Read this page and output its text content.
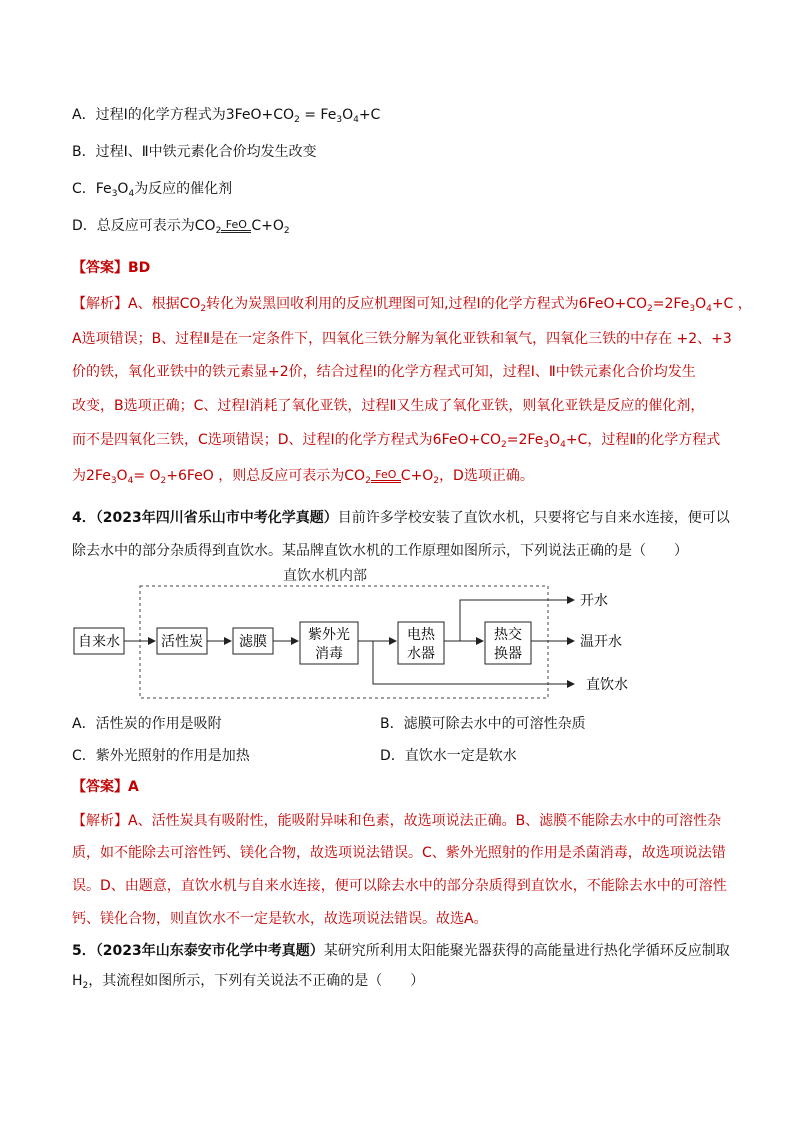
A．过程Ⅰ的化学方程式为$3FeO+CO_2 = Fe_3O_4+C$
B．过程Ⅰ、Ⅱ中铁元素化合价均发生改变
C．$Fe_3O_4$为反应的催化剂
D．总反应可表示为$CO_2$ FeO $C+O_2$
【答案】BD
【解析】A、根据$CO_2$转化为炭黑回收利用的反应机理图可知,过程Ⅰ的化学方程式为$6FeO+CO_2=2Fe_3O_4+C$ ，
A选项错误；B、过程Ⅱ是在一定条件下，四氧化三铁分解为氧化亚铁和氧气，四氧化三铁的中存在 +2、+3
价的铁，氧化亚铁中的铁元素显+2价，结合过程Ⅰ的化学方程式可知，过程Ⅰ、Ⅱ中铁元素化合价均发生
改变，B选项正确；C、过程Ⅰ消耗了氧化亚铁，过程Ⅱ又生成了氧化亚铁，则氧化亚铁是反应的催化剂，
而不是四氧化三铁，C选项错误；D、过程Ⅰ的化学方程式为$6FeO+CO_2=2Fe_3O_4+C$，过程Ⅱ的化学方程式
为$2Fe_3O_4= O_2+6FeO$ ，则总反应可表示为$CO_2$ FeO $C+O_2$，D选项正确。
4．（2023年四川省乐山市中考化学真题）目前许多学校安装了直饮水机，只要将它与自来水连接，便可以
除去水中的部分杂质得到直饮水。某品牌直饮水机的工作原理如图所示，下列说法正确的是（　　）
直饮水机内部
自来水	活性炭	滤膜	紫外光
消毒
电热
水器
热交
换器
开水
温开水
直饮水
A．活性炭的作用是吸附	B．滤膜可除去水中的可溶性杂质
C．紫外光照射的作用是加热	D．直饮水一定是软水
【答案】A
【解析】A、活性炭具有吸附性，能吸附异味和色素，故选项说法正确。B、滤膜不能除去水中的可溶性杂
质，如不能除去可溶性钙、镁化合物，故选项说法错误。C、紫外光照射的作用是杀菌消毒，故选项说法错
误。D、由题意，直饮水机与自来水连接，便可以除去水中的部分杂质得到直饮水，不能除去水中的可溶性
钙、镁化合物，则直饮水不一定是软水，故选项说法错误。故选A。
5．（2023年山东泰安市化学中考真题）某研究所利用太阳能聚光器获得的高能量进行热化学循环反应制取
$H_2$，其流程如图所示，下列有关说法不正确的是（　　）
